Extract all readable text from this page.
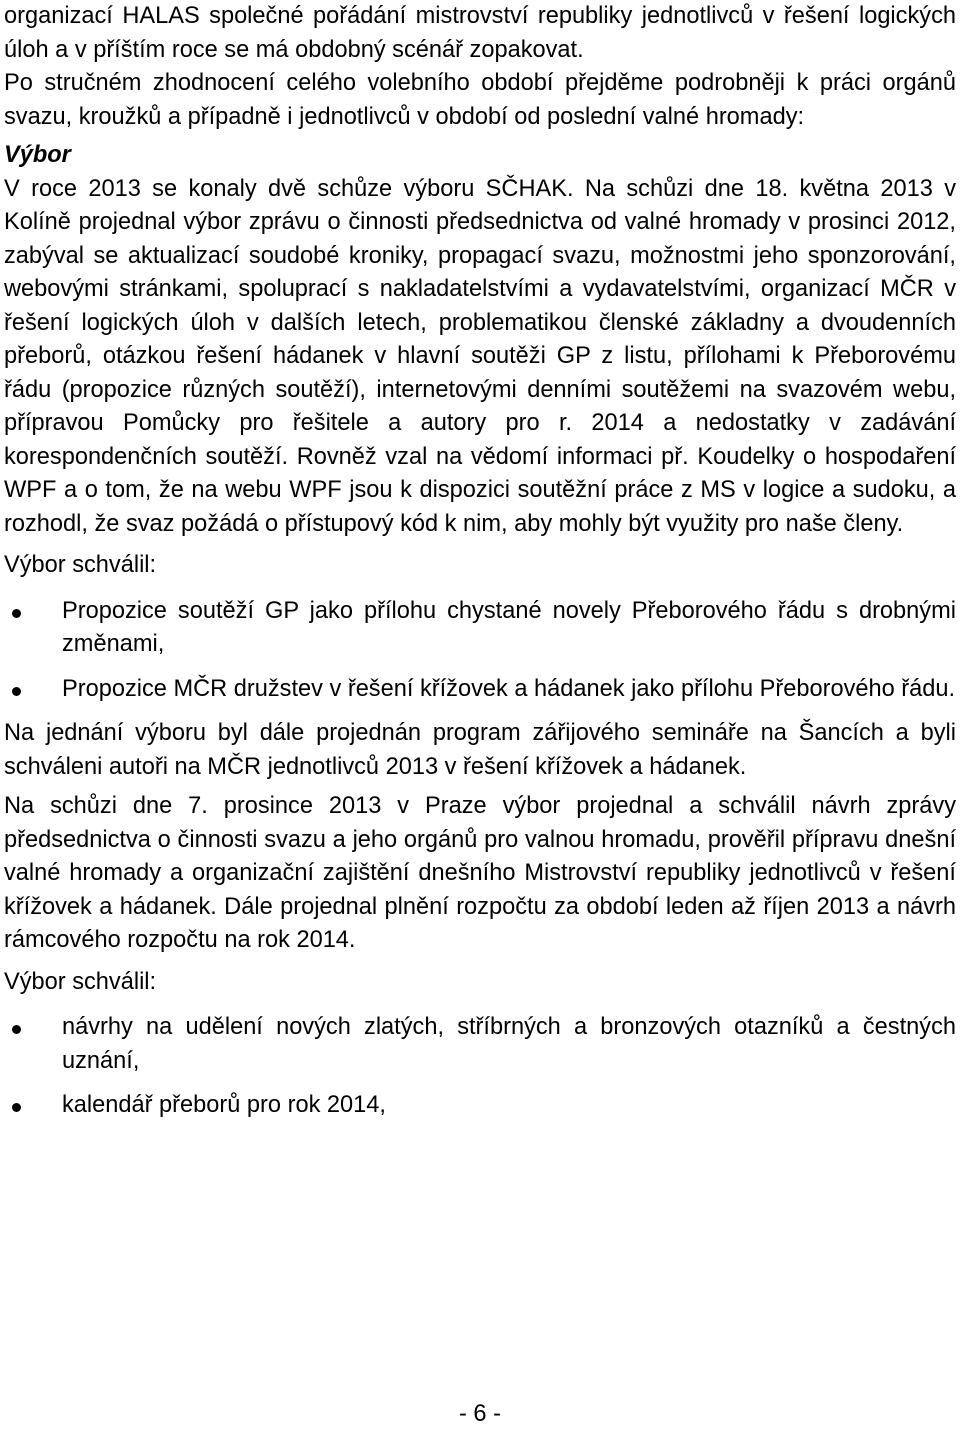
organizací HALAS společné pořádání mistrovství republiky jednotlivců v řešení logických úloh a v příštím roce se má obdobný scénář zopakovat.

Po stručném zhodnocení celého volebního období přejděme podrobněji k práci orgánů svazu, kroužků a případně i jednotlivců v období od poslední valné hromady:

Výbor

V roce 2013 se konaly dvě schůze výboru SČHAK. Na schůzi dne 18. května 2013 v Kolíně projednal výbor zprávu o činnosti předsednictva od valné hromady v prosinci 2012, zabýval se aktualizací soudobé kroniky, propagací svazu, možnostmi jeho sponzorování, webovými stránkami, spoluprací s nakladatelstvími a vydavatelstvími, organizací MČR v řešení logických úloh v dalších letech, problematikou členské základny a dvoudenních přeborů, otázkou řešení hádanek v hlavní soutěži GP z listu, přílohami k Přeborovému řádu (propozice různých soutěží), internetovými denními soutěžemi na svazovém webu, přípravou Pomůcky pro řešitele a autory pro r. 2014 a nedostatky v zadávání korespondenčních soutěží. Rovněž vzal na vědomí informaci př. Koudelky o hospodaření WPF a o tom, že na webu WPF jsou k dispozici soutěžní práce z MS v logice a sudoku, a rozhodl, že svaz požádá o přístupový kód k nim, aby mohly být využity pro naše členy.

Výbor schválil:

Propozice soutěží GP jako přílohu chystané novely Přeborového řádu s drobnými změnami,
Propozice MČR družstev v řešení křížovek a hádanek jako přílohu Přeborového řádu.

Na jednání výboru byl dále projednán program zářijového semináře na Šancích a byli schváleni autoři na MČR jednotlivců 2013 v řešení křížovek a hádanek.

Na schůzi dne 7. prosince 2013 v Praze výbor projednal a schválil návrh zprávy předsednictva o činnosti svazu a jeho orgánů pro valnou hromadu, prověřil přípravu dnešní valné hromady a organizační zajištění dnešního Mistrovství republiky jednotlivců v řešení křížovek a hádanek. Dále projednal plnění rozpočtu za období leden až říjen 2013 a návrh rámcového rozpočtu na rok 2014.

Výbor schválil:

návrhy na udělení nových zlatých, stříbrných a bronzových otazníků a čestných uznání,
kalendář přeborů pro rok 2014,
- 6 -
